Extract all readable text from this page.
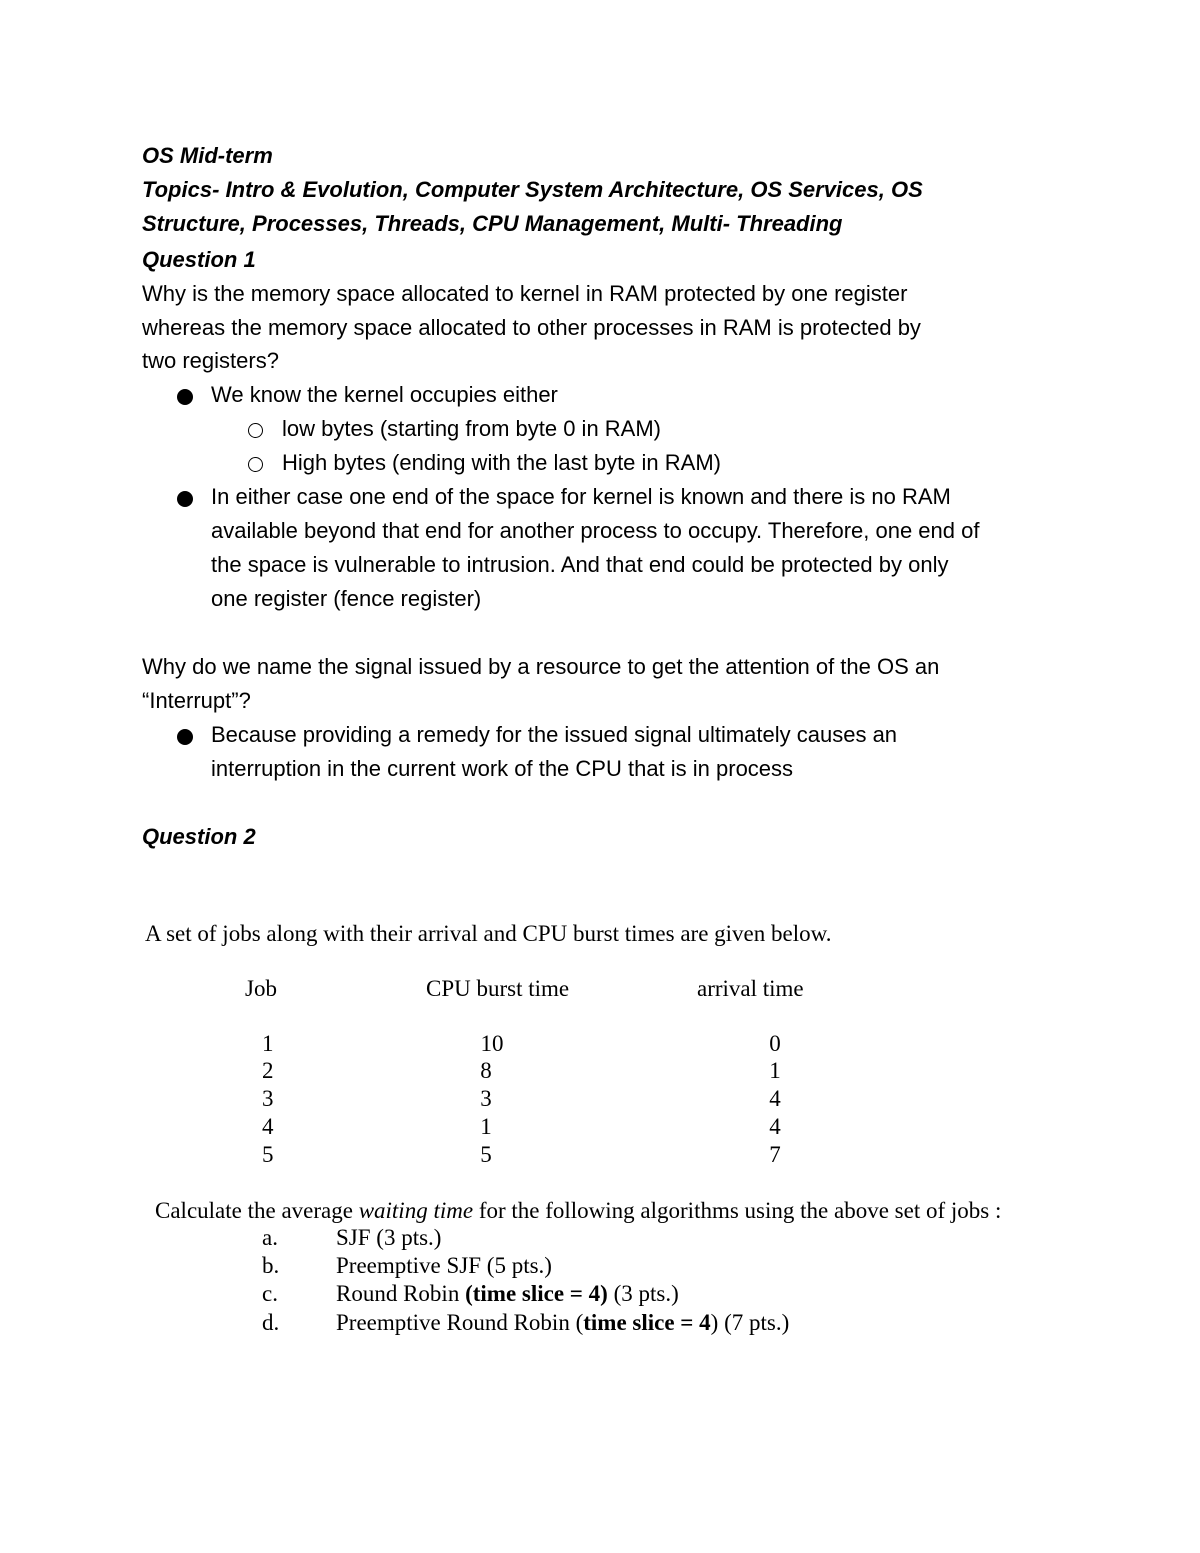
OS Mid-term
Topics- Intro & Evolution, Computer System Architecture, OS Services, OS
Structure, Processes, Threads, CPU Management, Multi- Threading
Question 1
Why is the memory space allocated to kernel in RAM protected by one register
whereas the memory space allocated to other processes in RAM is protected by
two registers?
We know the kernel occupies either
low bytes (starting from byte 0 in RAM)
High bytes (ending with the last byte in RAM)
In either case one end of the space for kernel is known and there is no RAM
available beyond that end for another process to occupy. Therefore, one end of
the space is vulnerable to intrusion. And that end could be protected by only
one register (fence register)
Why do we name the signal issued by a resource to get the attention of the OS an
“Interrupt”?
Because providing a remedy for the issued signal ultimately causes an
interruption in the current work of the CPU that is in process
Question 2
A set of jobs along with their arrival and CPU burst times are given below.
Job	CPU burst time	arrival time
1	10	0
2	8	1
3	3	4
4	1	4
5	5	7
Calculate the average waiting time for the following algorithms using the above set of jobs :
a.	SJF (3 pts.)
b. Preemptive SJF (5 pts.)
c.	Round Robin (time slice = 4) (3 pts.)
d. Preemptive Round Robin (time slice = 4) (7 pts.)
